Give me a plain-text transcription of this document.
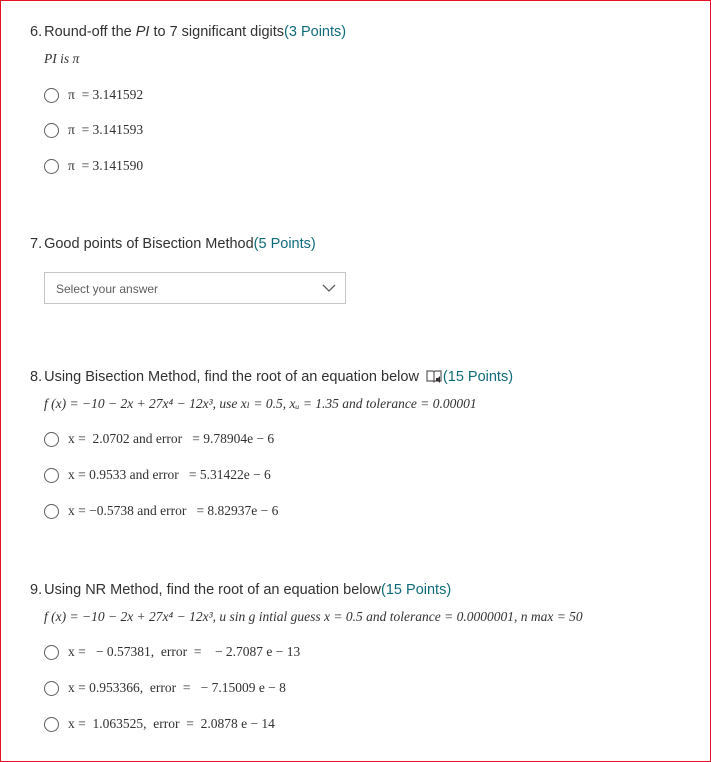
6. Round-off the PI to 7 significant digits(3 Points)
PI is π
π  = 3.141592
π  = 3.141593
π  = 3.141590
7. Good points of Bisection Method(5 Points)
Select your answer
8. Using Bisection Method, find the root of an equation below (15 Points)
f (x) = −10 − 2x + 27x⁴ − 12x³, use xₗ = 0.5, xᵤ = 1.35 and tolerance = 0.00001
x =  2.0702 and error   = 9.78904e − 6
x = 0.9533 and error   = 5.31422e − 6
x = −0.5738 and error   = 8.82937e − 6
9. Using NR Method, find the root of an equation below(15 Points)
f (x) = −10 − 2x + 27x⁴ − 12x³, u sin g intial guess x = 0.5 and tolerance = 0.0000001, n max = 50
x =   − 0.57381,  error  =    − 2.7087 e − 13
x = 0.953366,  error  =   − 7.15009 e − 8
x =  1.063525,  error  =  2.0878 e − 14
